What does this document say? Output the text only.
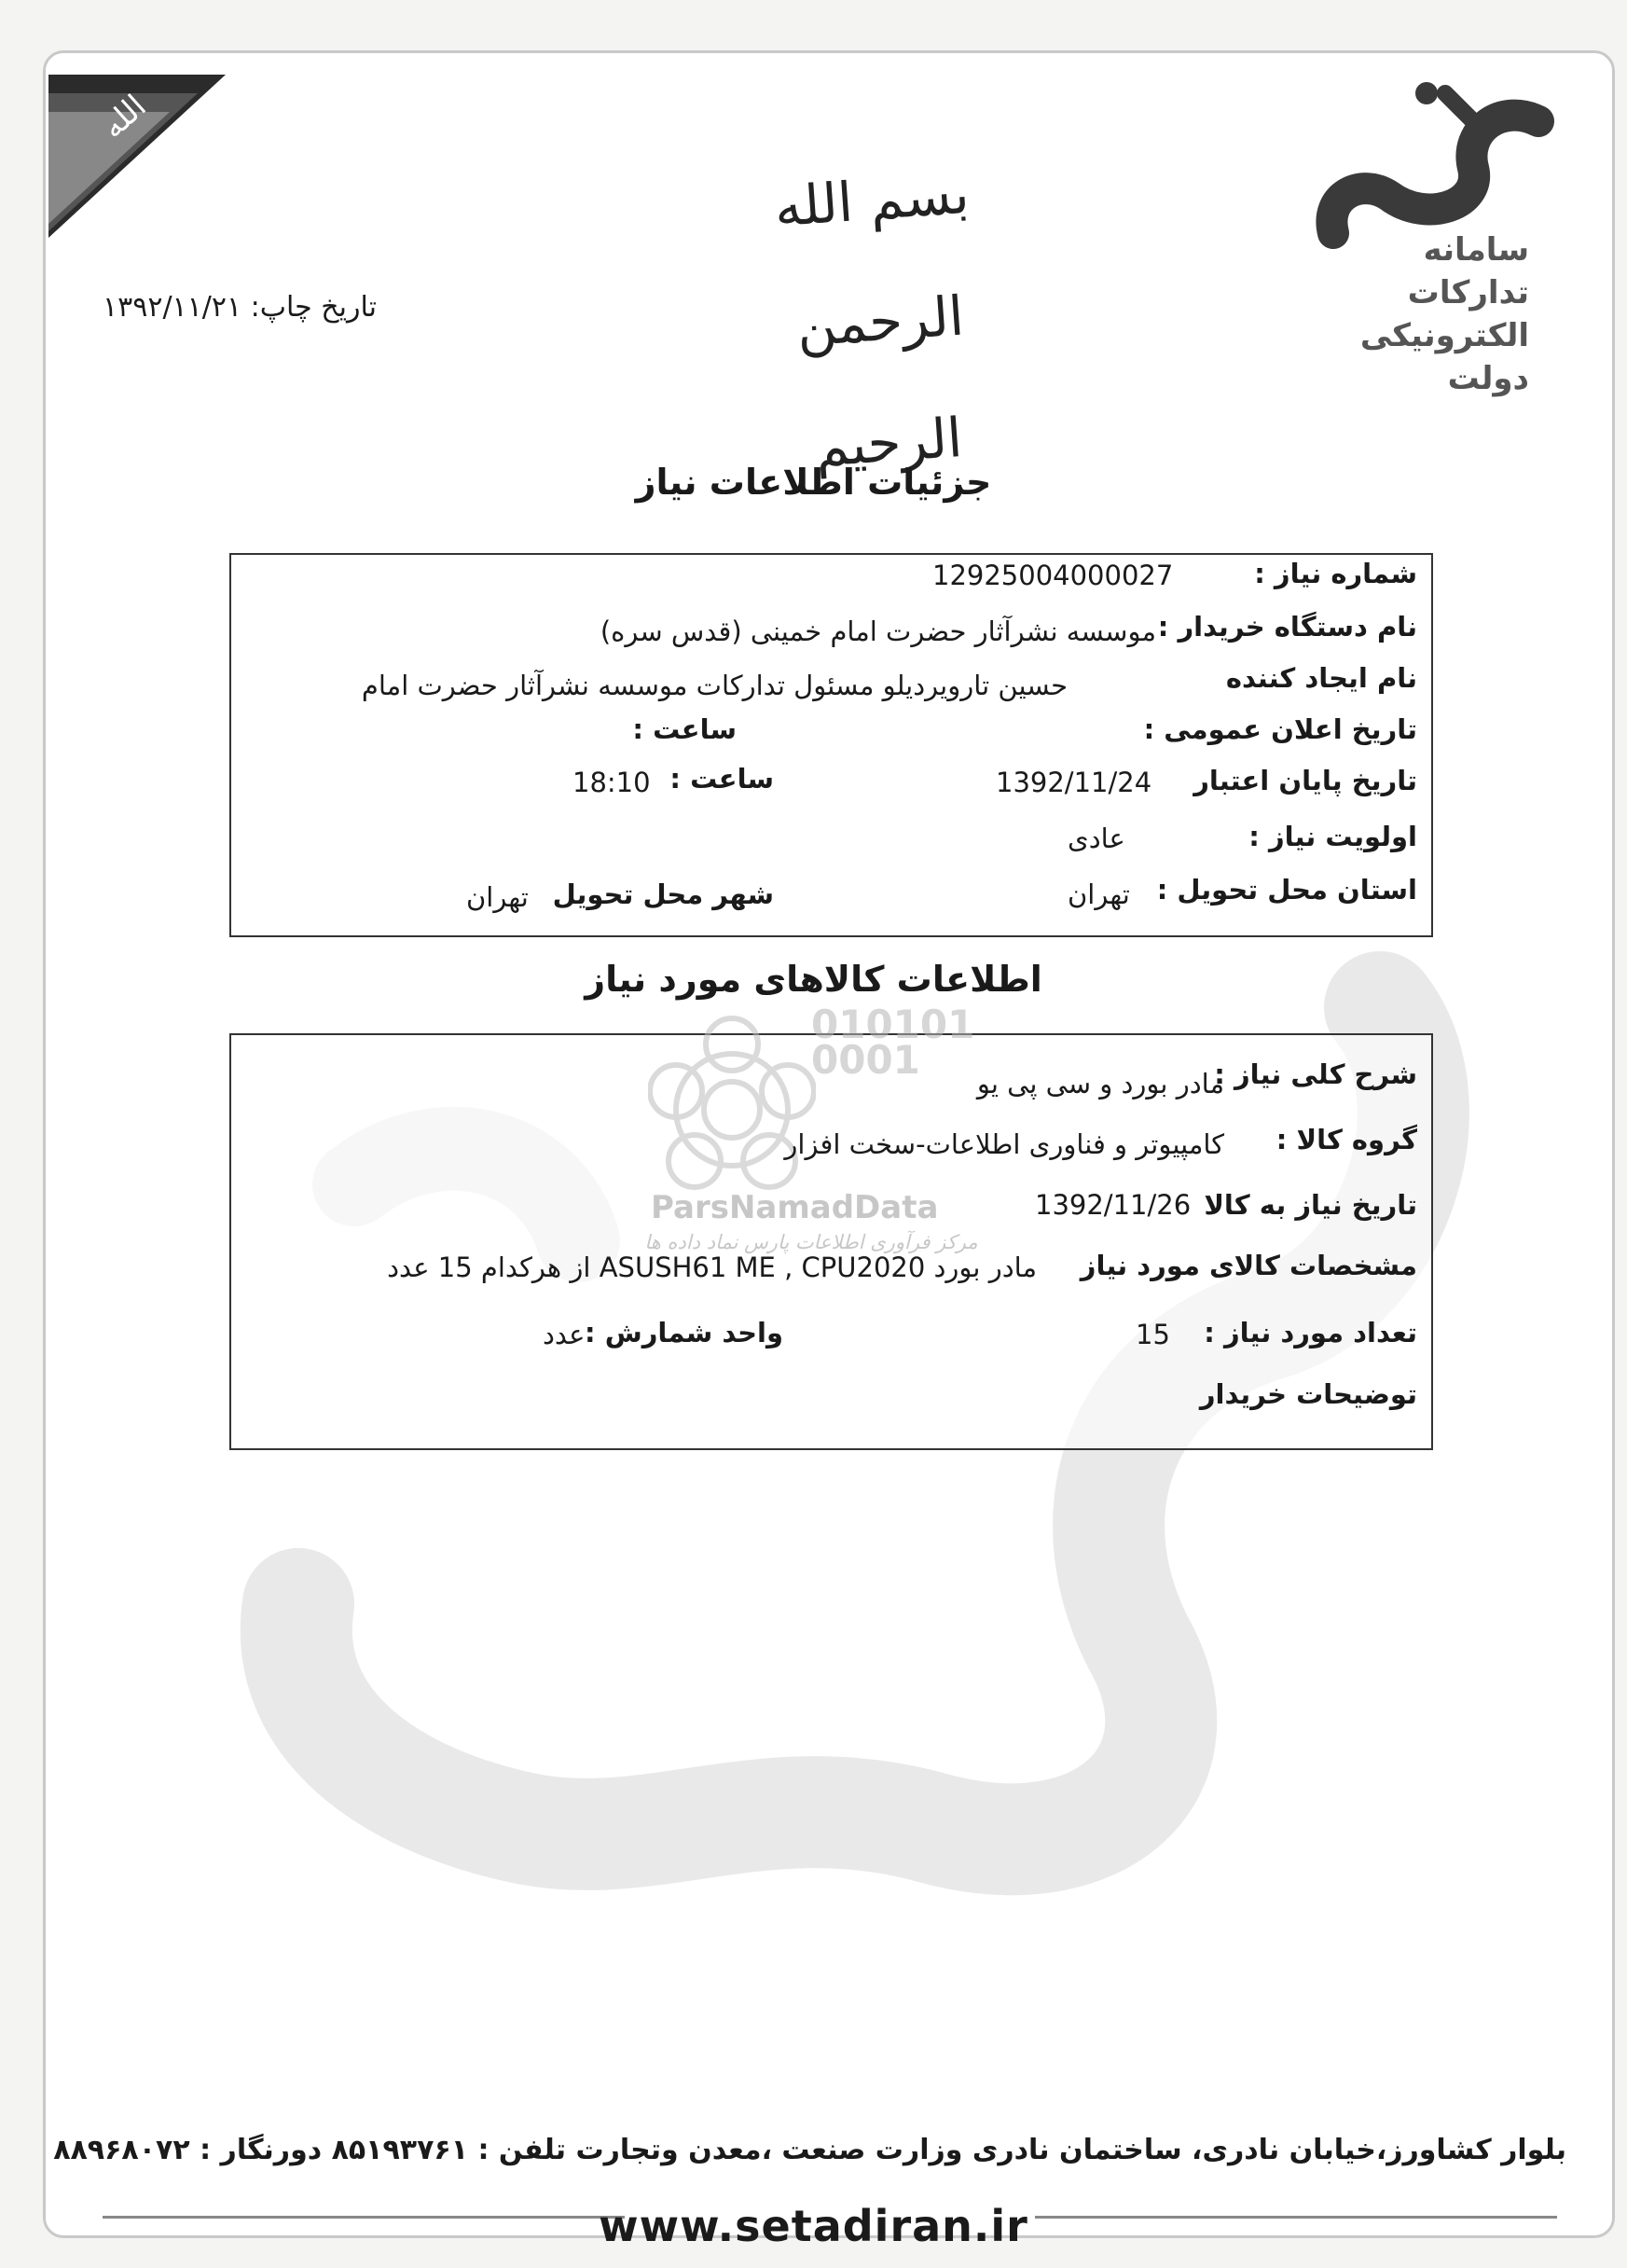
الله
سامانه
تدارکات
الکترونیکی
دولت
بسم الله الرحمن الرحیم
تاریخ چاپ: ۱۳۹۲/۱۱/۲۱
جزئیات اطلاعات نیاز
شماره نیاز :
12925004000027
نام دستگاه خریدار :
موسسه نشرآثار حضرت امام خمینی (قدس سره)
نام ایجاد کننده
حسین تارویردیلو مسئول تدارکات موسسه نشرآثار حضرت امام
تاریخ اعلان عمومی :
ساعت :
تاریخ پایان اعتبار
1392/11/24
ساعت :
18:10
اولویت نیاز :
عادی
استان محل تحویل :
تهران
شهر محل تحویل
تهران
اطلاعات کالاهای مورد نیاز
010101
0001
ParsNamadData
مرکز فرآوری اطلاعات پارس نماد داده ها
شرح کلی نیاز :
مادر بورد و سی پی یو
گروه کالا :
کامپیوتر و فناوری اطلاعات-سخت افزار
تاریخ نیاز به کالا
1392/11/26
مشخصات کالای مورد نیاز
مادر بورد ASUSH61 ME , CPU2020 از هرکدام 15 عدد
تعداد مورد نیاز :
15
واحد شمارش :
عدد
توضیحات خریدار
بلوار کشاورز،خیابان نادری، ساختمان نادری وزارت صنعت ،معدن وتجارت تلفن : ۸۵۱۹۳۷۶۱ دورنگار : ۸۸۹۶۸۰۷۲
www.setadiran.ir
